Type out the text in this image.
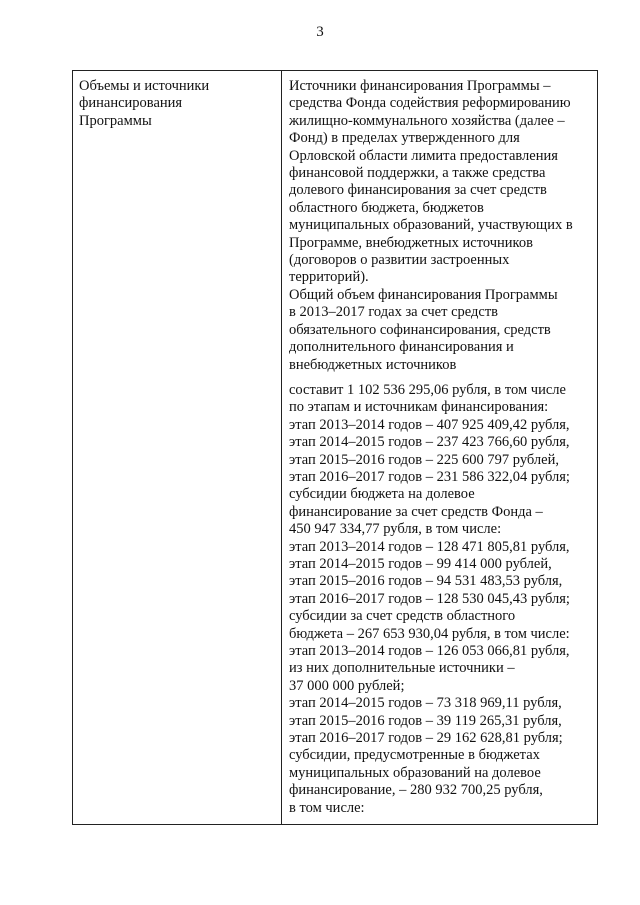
3
Объемы и источники
финансирования
Программы
Источники финансирования Программы –
средства Фонда содействия реформированию
жилищно-коммунального хозяйства (далее –
Фонд) в пределах утвержденного для
Орловской области лимита предоставления
финансовой поддержки, а также средства
долевого финансирования за счет средств
областного бюджета, бюджетов
муниципальных образований, участвующих в
Программе, внебюджетных источников
(договоров о развитии застроенных
территорий).
Общий объем финансирования Программы
в 2013–2017 годах за счет средств
обязательного софинансирования, средств
дополнительного финансирования и
внебюджетных источников
составит 1 102 536 295,06 рубля, в том числе
по этапам и источникам финансирования:
этап 2013–2014 годов – 407 925 409,42 рубля,
этап 2014–2015 годов – 237 423 766,60 рубля,
этап 2015–2016 годов – 225 600 797 рублей,
этап 2016–2017 годов – 231 586 322,04 рубля;
субсидии бюджета на долевое
финансирование за счет средств Фонда –
450 947 334,77 рубля, в том числе:
этап 2013–2014 годов – 128 471 805,81 рубля,
этап 2014–2015 годов – 99 414 000 рублей,
этап 2015–2016 годов – 94 531 483,53 рубля,
этап 2016–2017 годов – 128 530 045,43 рубля;
субсидии за счет средств областного
бюджета – 267 653 930,04 рубля, в том числе:
этап 2013–2014 годов – 126 053 066,81 рубля,
из них дополнительные источники –
37 000 000 рублей;
этап 2014–2015 годов – 73 318 969,11 рубля,
этап 2015–2016 годов – 39 119 265,31 рубля,
этап 2016–2017 годов – 29 162 628,81 рубля;
субсидии, предусмотренные в бюджетах
муниципальных образований на долевое
финансирование, – 280 932 700,25 рубля,
в том числе:
